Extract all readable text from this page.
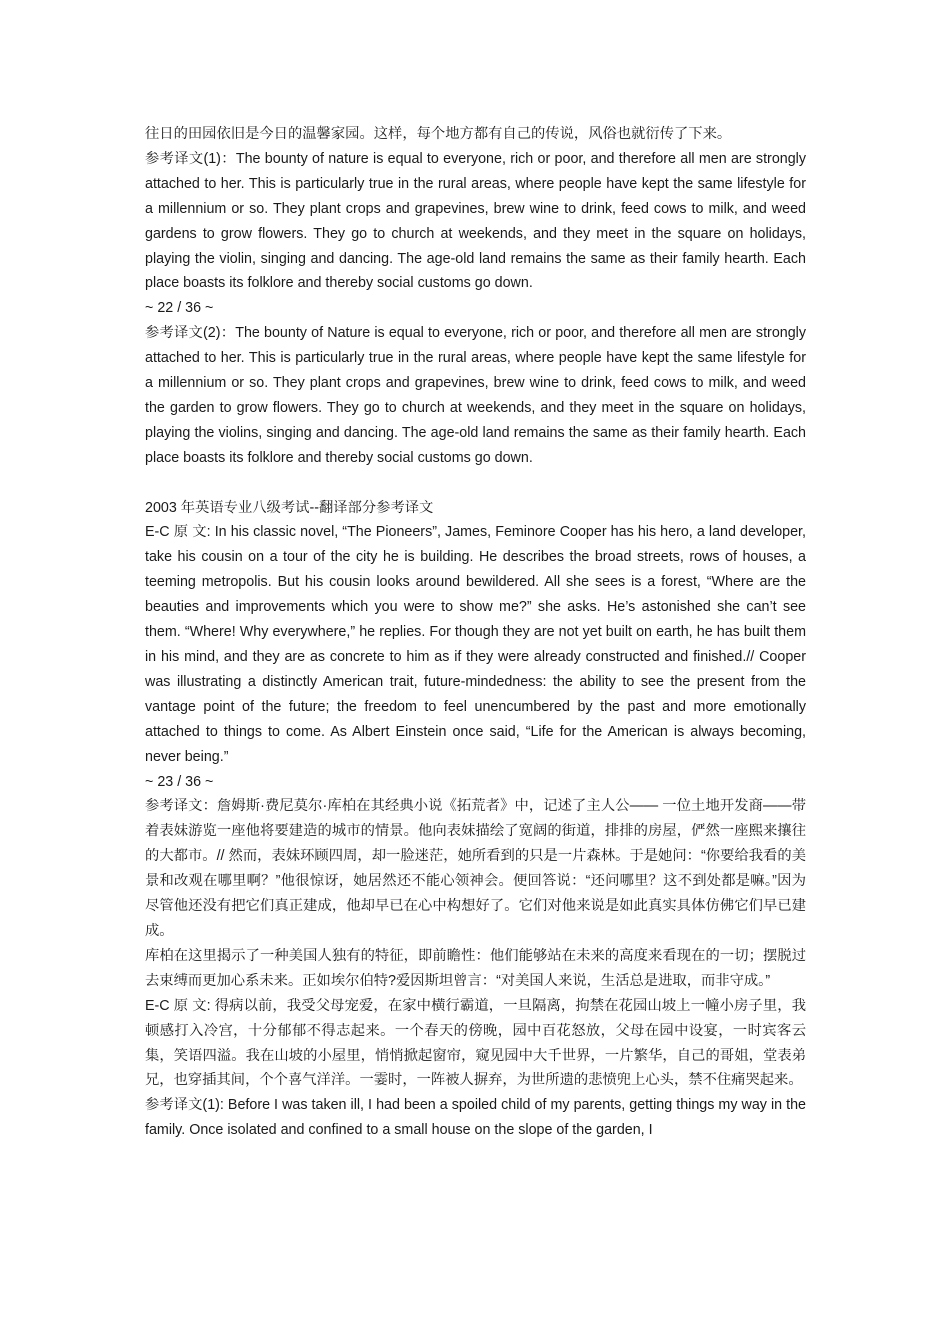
往日的田园依旧是今日的温馨家园。这样，每个地方都有自己的传说，风俗也就衍传了下来。

参考译文(1)：The bounty of nature is equal to everyone, rich or poor, and therefore all men are strongly attached to her. This is particularly true in the rural areas, where people have kept the same lifestyle for a millennium or so. They plant crops and grapevines, brew wine to drink, feed cows to milk, and weed gardens to grow flowers. They go to church at weekends, and they meet in the square on holidays, playing the violin, singing and dancing. The age-old land remains the same as their family hearth. Each place boasts its folklore and thereby social customs go down.

~ 22 / 36 ~

参考译文(2)：The bounty of Nature is equal to everyone, rich or poor, and therefore all men are strongly attached to her. This is particularly true in the rural areas, where people have kept the same lifestyle for a millennium or so. They plant crops and grapevines, brew wine to drink, feed cows to milk, and weed the garden to grow flowers. They go to church at weekends, and they meet in the square on holidays, playing the violins, singing and dancing. The age-old land remains the same as their family hearth. Each place boasts its folklore and thereby social customs go down.

2003 年英语专业八级考试--翻译部分参考译文

E-C 原 文: In his classic novel, “The Pioneers”, James, Feminore Cooper has his hero, a land developer, take his cousin on a tour of the city he is building. He describes the broad streets, rows of houses, a teeming metropolis. But his cousin looks around bewildered. All she sees is a forest, “Where are the beauties and improvements which you were to show me?” she asks. He’s astonished she can’t see them. “Where! Why everywhere,” he replies. For though they are not yet built on earth, he has built them in his mind, and they are as concrete to him as if they were already constructed and finished.// Cooper was illustrating a distinctly American trait, future-mindedness: the ability to see the present from the vantage point of the future; the freedom to feel unencumbered by the past and more emotionally attached to things to come. As Albert Einstein once said, “Life for the American is always becoming, never being.”

~ 23 / 36 ~

参考译文：詹姆斯·费尼莫尔·库柏在其经典小说《拓荒者》中，记述了主人公—— 一位土地开发商——带着表妹游览一座他将要建造的城市的情景。他向表妹描绘了宽阔的街道，排排的房屋，俨然一座熙来攘往的大都市。// 然而，表妹环顾四周，却一脸迷茫，她所看到的只是一片森林。于是她问：“你要给我看的美景和改观在哪里啊？”他很惊讶，她居然还不能心领神会。便回答说：“还问哪里？这不到处都是嘛。”因为尽管他还没有把它们真正建成，他却早已在心中构想好了。它们对他来说是如此真实具体仿佛它们早已建成。

库柏在这里揭示了一种美国人独有的特征，即前瞻性：他们能够站在未来的高度来看现在的一切；摆脱过去束缚而更加心系未来。正如埃尔伯特?爱因斯坦曾言：“对美国人来说，生活总是进取，而非守成。”

E-C 原 文: 得病以前，我受父母宠爱，在家中横行霸道，一旦隔离，拘禁在花园山坡上一幢小房子里，我顿感打入冷宫，十分郁郁不得志起来。一个春天的傍晚，园中百花怒放，父母在园中设宴，一时宾客云集，笑语四溢。我在山坡的小屋里，悄悄掀起窗帘，窥见园中大千世界，一片繁华，自己的哥姐，堂表弟兄，也穿插其间，个个喜气洋洋。一霎时，一阵被人摒弃，为世所遗的悲愤兜上心头，禁不住痛哭起来。

参考译文(1): Before I was taken ill, I had been a spoiled child of my parents, getting things my way in the family. Once isolated and confined to a small house on the slope of the garden, I
